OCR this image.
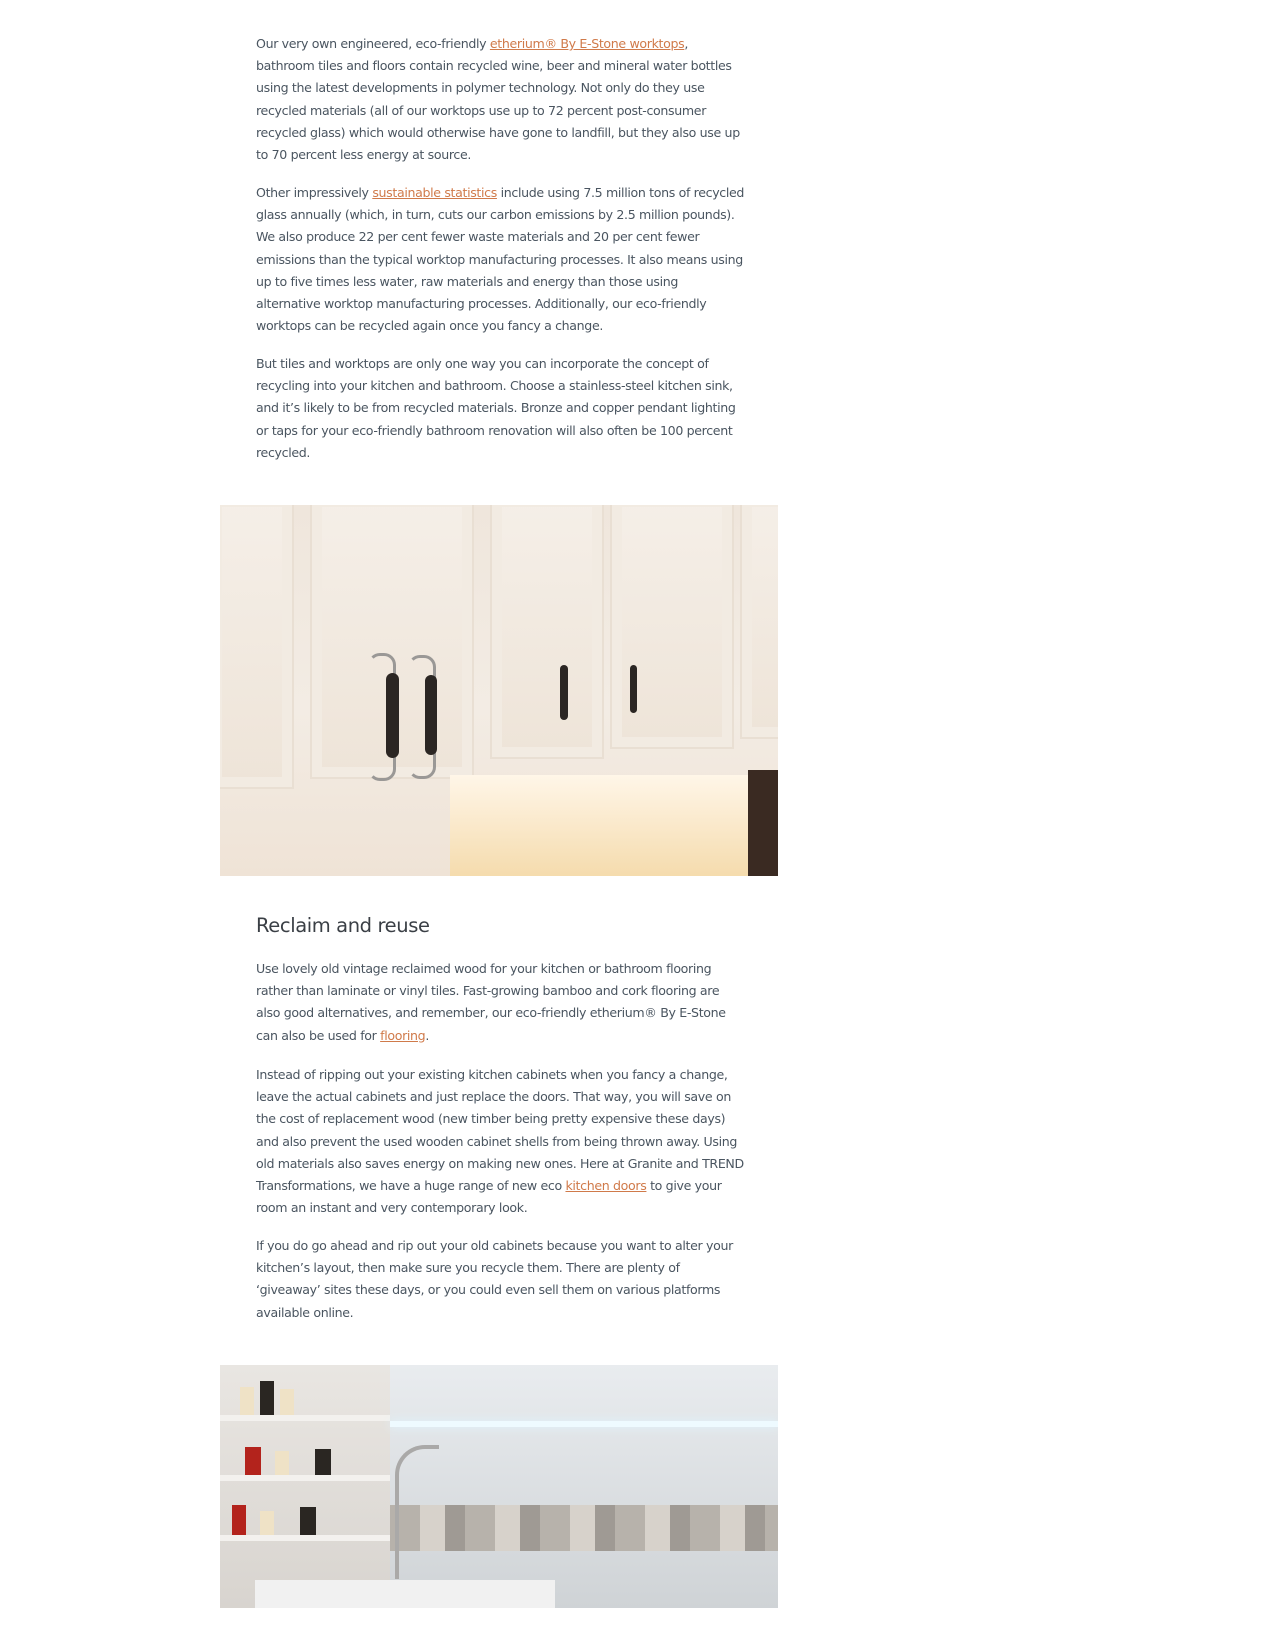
Our very own engineered, eco-friendly etherium® By E-Stone worktops, bathroom tiles and floors contain recycled wine, beer and mineral water bottles using the latest developments in polymer technology. Not only do they use recycled materials (all of our worktops use up to 72 percent post-consumer recycled glass) which would otherwise have gone to landfill, but they also use up to 70 percent less energy at source.

Other impressively sustainable statistics include using 7.5 million tons of recycled glass annually (which, in turn, cuts our carbon emissions by 2.5 million pounds). We also produce 22 per cent fewer waste materials and 20 per cent fewer emissions than the typical worktop manufacturing processes. It also means using up to five times less water, raw materials and energy than those using alternative worktop manufacturing processes. Additionally, our eco-friendly worktops can be recycled again once you fancy a change.

But tiles and worktops are only one way you can incorporate the concept of recycling into your kitchen and bathroom. Choose a stainless-steel kitchen sink, and it’s likely to be from recycled materials. Bronze and copper pendant lighting or taps for your eco-friendly bathroom renovation will also often be 100 percent recycled.

Reclaim and reuse

Use lovely old vintage reclaimed wood for your kitchen or bathroom flooring rather than laminate or vinyl tiles. Fast-growing bamboo and cork flooring are also good alternatives, and remember, our eco-friendly etherium® By E-Stone can also be used for flooring.

Instead of ripping out your existing kitchen cabinets when you fancy a change, leave the actual cabinets and just replace the doors. That way, you will save on the cost of replacement wood (new timber being pretty expensive these days) and also prevent the used wooden cabinet shells from being thrown away. Using old materials also saves energy on making new ones. Here at Granite and TREND Transformations, we have a huge range of new eco kitchen doors to give your room an instant and very contemporary look.

If you do go ahead and rip out your old cabinets because you want to alter your kitchen’s layout, then make sure you recycle them. There are plenty of ‘giveaway’ sites these days, or you could even sell them on various platforms available online.
